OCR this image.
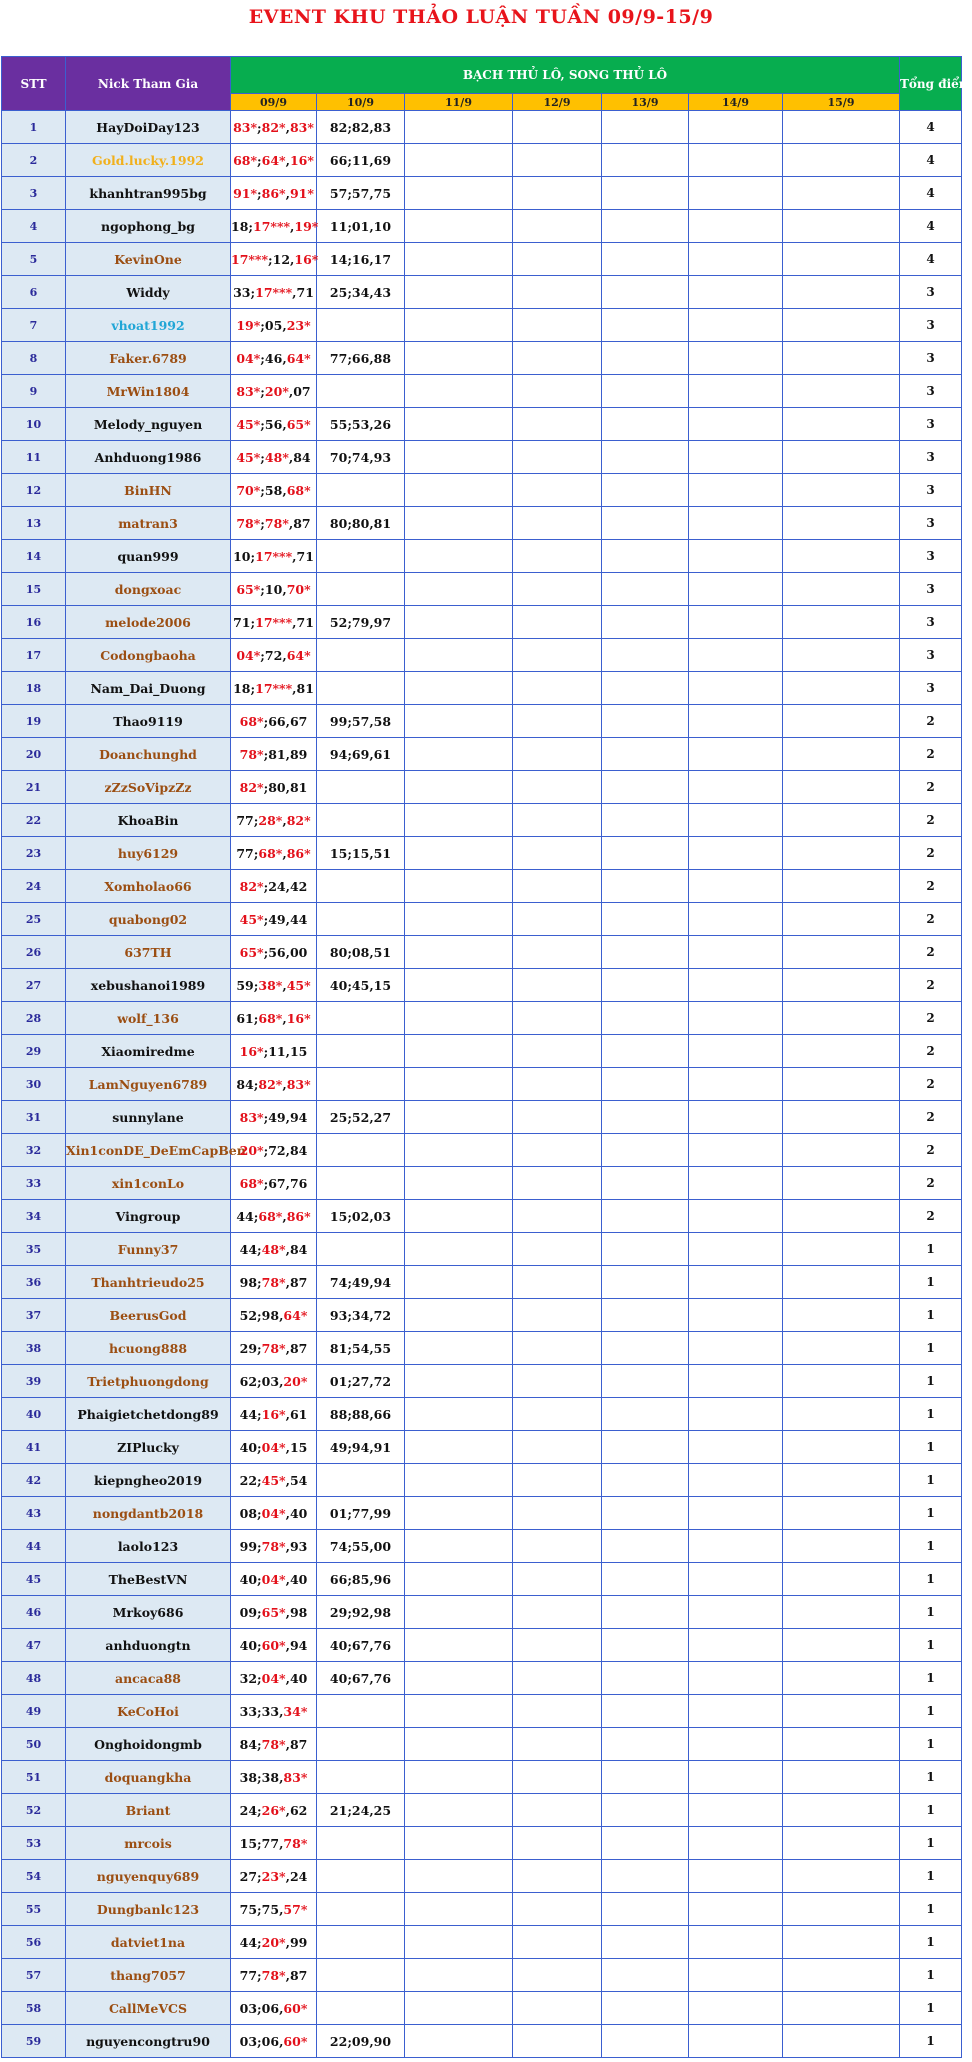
EVENT KHU THẢO LUẬN TUẦN 09/9-15/9
STT	Nick Tham Gia	BẠCH THỦ LÔ, SONG THỦ LÔ							Tổng điểm
		09/9	10/9	11/9	12/9	13/9	14/9	15/9	
1	HayDoiDay123	83*;82*,83*	82;82,83						4
2	Gold.lucky.1992	68*;64*,16*	66;11,69						4
3	khanhtran995bg	91*;86*,91*	57;57,75						4
4	ngophong_bg	18;17***,19*	11;01,10						4
5	KevinOne	17***;12,16*	14;16,17						4
6	Widdy	33;17***,71	25;34,43						3
7	vhoat1992	19*;05,23*							3
8	Faker.6789	04*;46,64*	77;66,88						3
9	MrWin1804	83*;20*,07							3
10	Melody_nguyen	45*;56,65*	55;53,26						3
11	Anhduong1986	45*;48*,84	70;74,93						3
12	BinHN	70*;58,68*							3
13	matran3	78*;78*,87	80;80,81						3
14	quan999	10;17***,71							3
15	dongxoac	65*;10,70*							3
16	melode2006	71;17***,71	52;79,97						3
17	Codongbaoha	04*;72,64*							3
18	Nam_Dai_Duong	18;17***,81							3
19	Thao9119	68*;66,67	99;57,58						2
20	Doanchunghd	78*;81,89	94;69,61						2
21	zZzSoVipzZz	82*;80,81							2
22	KhoaBin	77;28*,82*							2
23	huy6129	77;68*,86*	15;15,51						2
24	Xomholao66	82*;24,42							2
25	quabong02	45*;49,44							2
26	637TH	65*;56,00	80;08,51						2
27	xebushanoi1989	59;38*,45*	40;45,15						2
28	wolf_136	61;68*,16*							2
29	Xiaomiredme	16*;11,15							2
30	LamNguyen6789	84;82*,83*							2
31	sunnylane	83*;49,94	25;52,27						2
32	Xin1conDE_DeEmCapBen	20*;72,84							2
33	xin1conLo	68*;67,76							2
34	Vingroup	44;68*,86*	15;02,03						2
35	Funny37	44;48*,84							1
36	Thanhtrieudo25	98;78*,87	74;49,94						1
37	BeerusGod	52;98,64*	93;34,72						1
38	hcuong888	29;78*,87	81;54,55						1
39	Trietphuongdong	62;03,20*	01;27,72						1
40	Phaigietchetdong89	44;16*,61	88;88,66						1
41	ZIPlucky	40;04*,15	49;94,91						1
42	kiepngheo2019	22;45*,54							1
43	nongdantb2018	08;04*,40	01;77,99						1
44	laolo123	99;78*,93	74;55,00						1
45	TheBestVN	40;04*,40	66;85,96						1
46	Mrkoy686	09;65*,98	29;92,98						1
47	anhduongtn	40;60*,94	40;67,76						1
48	ancaca88	32;04*,40	40;67,76						1
49	KeCoHoi	33;33,34*							1
50	Onghoidongmb	84;78*,87							1
51	doquangkha	38;38,83*							1
52	Briant	24;26*,62	21;24,25						1
53	mrcois	15;77,78*							1
54	nguyenquy689	27;23*,24							1
55	Dungbanlc123	75;75,57*							1
56	datviet1na	44;20*,99							1
57	thang7057	77;78*,87							1
58	CallMeVCS	03;06,60*							1
59	nguyencongtru90	03;06,60*	22;09,90						1
